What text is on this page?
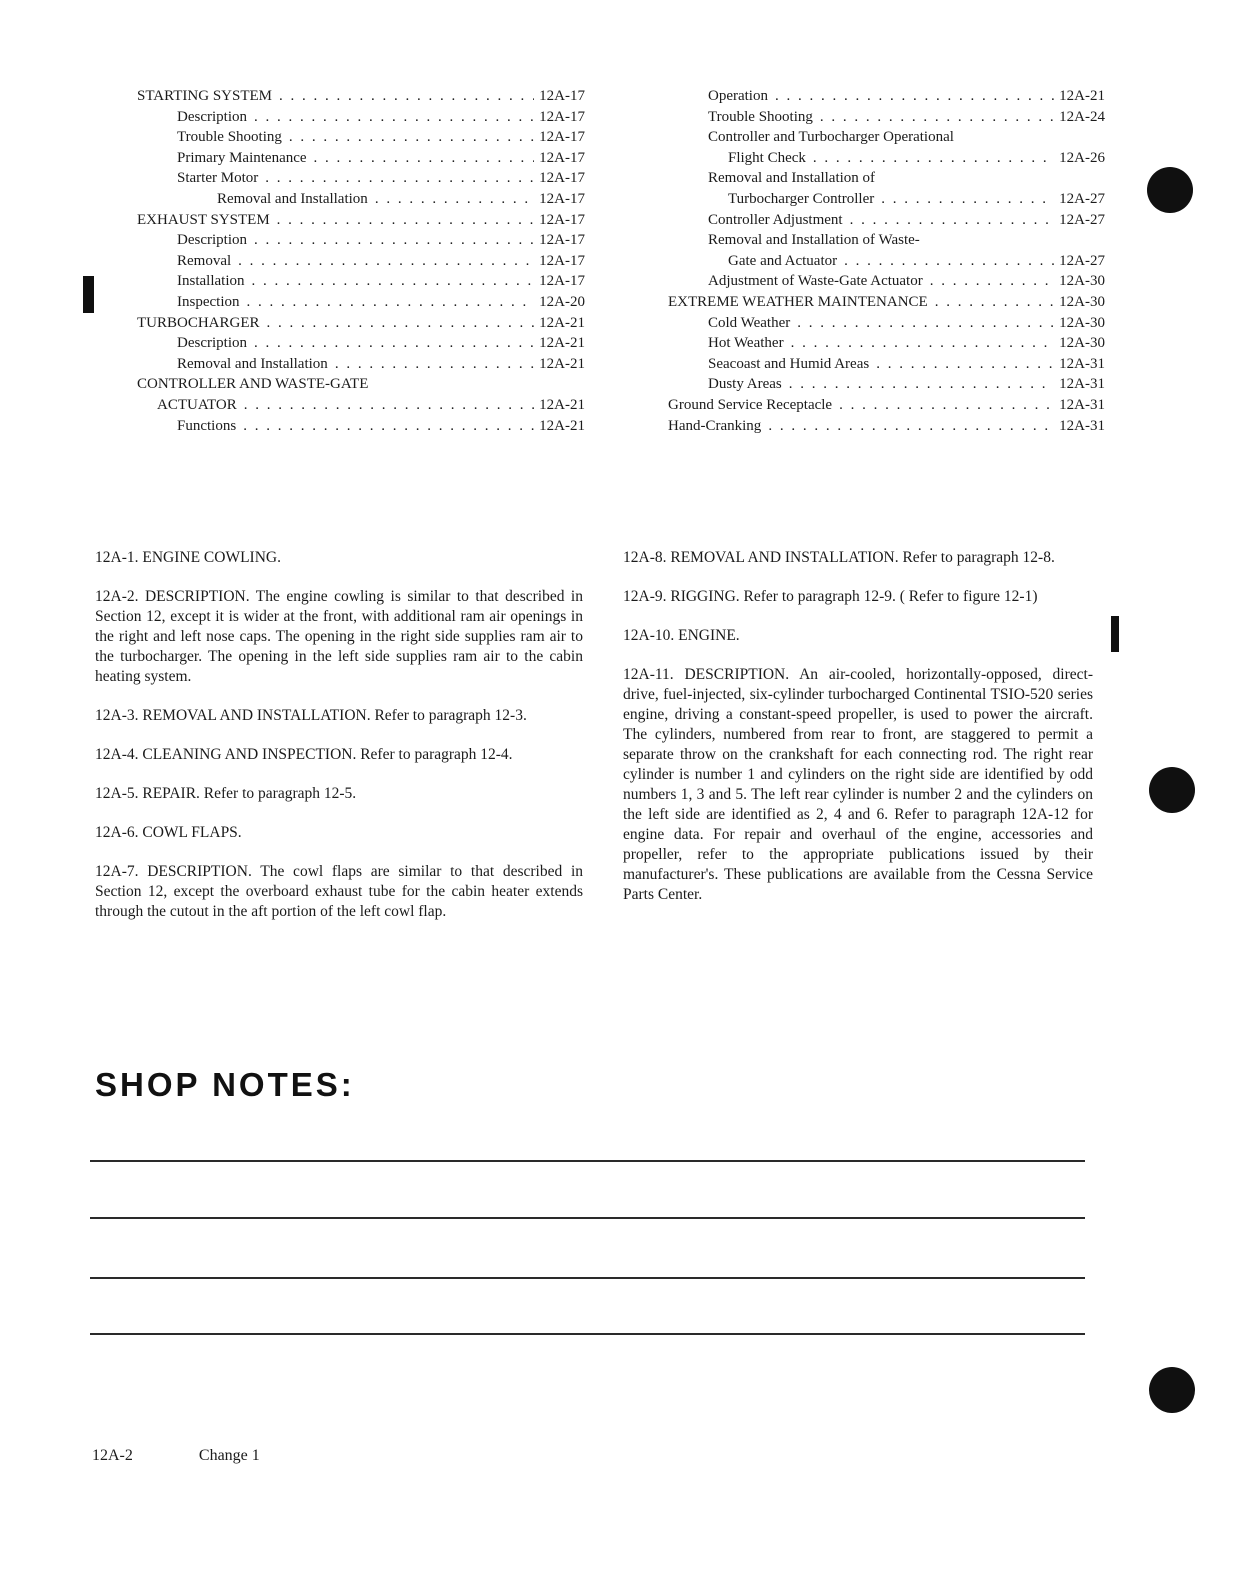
STARTING SYSTEM . . .	12A-17
Description . . .	12A-17
Trouble Shooting . . .	12A-17
Primary Maintenance . . .	12A-17
Starter Motor . . .	12A-17
Removal and Installation . . .	12A-17
EXHAUST SYSTEM . . .	12A-17
Description . . .	12A-17
Removal . . .	12A-17
Installation . . .	12A-17
Inspection . . .	12A-20
TURBOCHARGER . . .	12A-21
Description . . .	12A-21
Removal and Installation . . .	12A-21
CONTROLLER AND WASTE-GATE
ACTUATOR . . .	12A-21
Functions . . .	12A-21
Operation . . .	12A-21
Trouble Shooting . . .	12A-24
Controller and Turbocharger Operational
Flight Check . . .	12A-26
Removal and Installation of
Turbocharger Controller . . .	12A-27
Controller Adjustment . . .	12A-27
Removal and Installation of Waste-
Gate and Actuator . . .	12A-27
Adjustment of Waste-Gate Actuator . . .	12A-30
EXTREME WEATHER MAINTENANCE . . .	12A-30
Cold Weather . . .	12A-30
Hot Weather . . .	12A-30
Seacoast and Humid Areas . . .	12A-31
Dusty Areas . . .	12A-31
Ground Service Receptacle . . .	12A-31
Hand-Cranking . . .	12A-31

12A-1. ENGINE COWLING.

12A-2. DESCRIPTION. The engine cowling is similar to that described in Section 12, except it is wider at the front, with additional ram air openings in the right and left nose caps. The opening in the right side supplies ram air to the turbocharger. The opening in the left side supplies ram air to the cabin heating system.

12A-3. REMOVAL AND INSTALLATION. Refer to paragraph 12-3.

12A-4. CLEANING AND INSPECTION. Refer to paragraph 12-4.

12A-5. REPAIR. Refer to paragraph 12-5.

12A-6. COWL FLAPS.

12A-7. DESCRIPTION. The cowl flaps are similar to that described in Section 12, except the overboard exhaust tube for the cabin heater extends through the cutout in the aft portion of the left cowl flap.

12A-8. REMOVAL AND INSTALLATION. Refer to paragraph 12-8.

12A-9. RIGGING. Refer to paragraph 12-9. ( Refer to figure 12-1)

12A-10. ENGINE.

12A-11. DESCRIPTION. An air-cooled, horizontally-opposed, direct-drive, fuel-injected, six-cylinder turbocharged Continental TSIO-520 series engine, driving a constant-speed propeller, is used to power the aircraft. The cylinders, numbered from rear to front, are staggered to permit a separate throw on the crankshaft for each connecting rod. The right rear cylinder is number 1 and cylinders on the right side are identified by odd numbers 1, 3 and 5. The left rear cylinder is number 2 and the cylinders on the left side are identified as 2, 4 and 6. Refer to paragraph 12A-12 for engine data. For repair and overhaul of the engine, accessories and propeller, refer to the appropriate publications issued by their manufacturer's. These publications are available from the Cessna Service Parts Center.

SHOP NOTES:
12A-2	Change 1
